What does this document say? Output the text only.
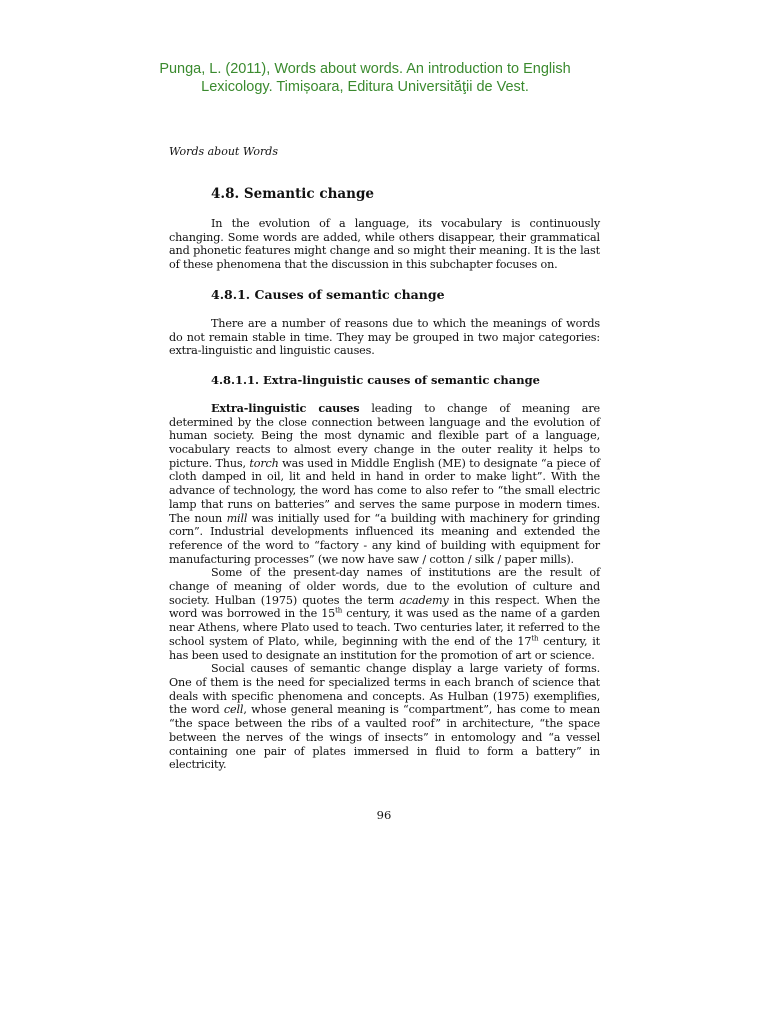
Punga, L. (2011), Words about words. An introduction to English
Lexicology. Timișoara, Editura Universităţii de Vest.
Words about Words
4.8. Semantic change

In the evolution of a language, its vocabulary is continuously changing. Some words are added, while others disappear, their grammatical and phonetic features might change and so might their meaning. It is the last of these phenomena that the discussion in this subchapter focuses on.

4.8.1. Causes of semantic change

There are a number of reasons due to which the meanings of words do not remain stable in time. They may be grouped in two major categories: extra-linguistic and linguistic causes.

4.8.1.1. Extra-linguistic causes of semantic change

Extra-linguistic causes leading to change of meaning are determined by the close connection between language and the evolution of human society. Being the most dynamic and flexible part of a language, vocabulary reacts to almost every change in the outer reality it helps to picture. Thus, torch was used in Middle English (ME) to designate “a piece of cloth damped in oil, lit and held in hand in order to make light”. With the advance of technology, the word has come to also refer to “the small electric lamp that runs on batteries” and serves the same purpose in modern times. The noun mill was initially used for “a building with machinery for grinding corn”. Industrial developments influenced its meaning and extended the reference of the word to “factory - any kind of building with equipment for manufacturing processes” (we now have saw / cotton / silk / paper mills).

Some of the present-day names of institutions are the result of change of meaning of older words, due to the evolution of culture and society. Hulban (1975) quotes the term academy in this respect. When the word was borrowed in the 15th century, it was used as the name of a garden near Athens, where Plato used to teach. Two centuries later, it referred to the school system of Plato, while, beginning with the end of the 17th century, it has been used to designate an institution for the promotion of art or science.

Social causes of semantic change display a large variety of forms. One of them is the need for specialized terms in each branch of science that deals with specific phenomena and concepts. As Hulban (1975) exemplifies, the word cell, whose general meaning is “compartment”, has come to mean “the space between the ribs of a vaulted roof” in architecture, “the space between the nerves of the wings of insects” in entomology and “a vessel containing one pair of plates immersed in fluid to form a battery” in electricity.

96
